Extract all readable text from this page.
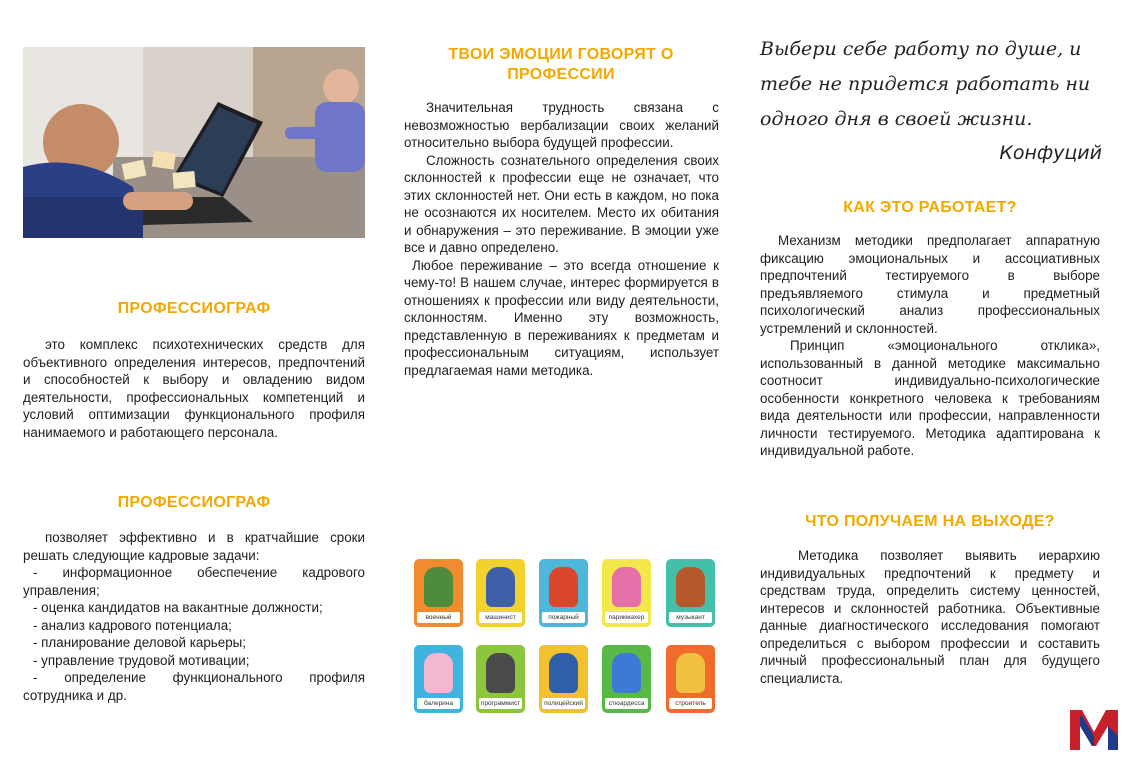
ПРОФЕССИОГРАФ

это комплекс психотехнических средств для объективного определения интересов, предпочтений и способностей к выбору и овладению видом деятельности, профессиональных компетенций и условий оптимизации функционального профиля нанимаемого и работающего персонала.

ПРОФЕССИОГРАФ

позволяет эффективно и в кратчайшие сроки решать следующие кадровые задачи:

- информационное обеспечение кадрового управления;
- оценка кандидатов на вакантные должности;
- анализ кадрового потенциала;
- планирование деловой карьеры;
- управление трудовой мотивации;
- определение функционального профиля сотрудника и др.
ТВОИ ЭМОЦИИ ГОВОРЯТ О ПРОФЕССИИ

Значительная трудность связана с невозможностью вербализации своих желаний относительно выбора будущей профессии.

Сложность сознательного определения своих склонностей к профессии еще не означает, что этих склонностей нет. Они есть в каждом, но пока не осознаются их носителем. Место их обитания и обнаружения – это переживание. В эмоции уже все и давно определено.

Любое переживание – это всегда отношение к чему-то! В нашем случае, интерес формируется в отношениях к профессии или виду деятельности, склонностям. Именно эту возможность, представленную в переживаниях к предметам и профессиональным ситуациям, использует предлагаемая нами методика.

военный	машинист	пожарный	парикмахер	музыкант
балерина	программист	полицейский	стюардесса	строитель
Выбери себе работу по душе, и тебе не придется работать ни одного дня в своей жизни.
Конфуций
КАК ЭТО РАБОТАЕТ?

Механизм методики предполагает аппаратную фиксацию эмоциональных и ассоциативных предпочтений тестируемого в выборе предъявляемого стимула и предметный психологический анализ профессиональных устремлений и склонностей.

Принцип «эмоционального отклика», использованный в данной методике максимально соотносит индивидуально-психологические особенности конкретного человека к требованиям вида деятельности или профессии, направленности личности тестируемого. Методика адаптирована к индивидуальной работе.

ЧТО ПОЛУЧАЕМ НА ВЫХОДЕ?

Методика позволяет выявить иерархию индивидуальных предпочтений к предмету и средствам труда, определить систему ценностей, интересов и склонностей работника. Объективные данные диагностического исследования помогают определиться с выбором профессии и составить личный профессиональный план для будущего специалиста.
